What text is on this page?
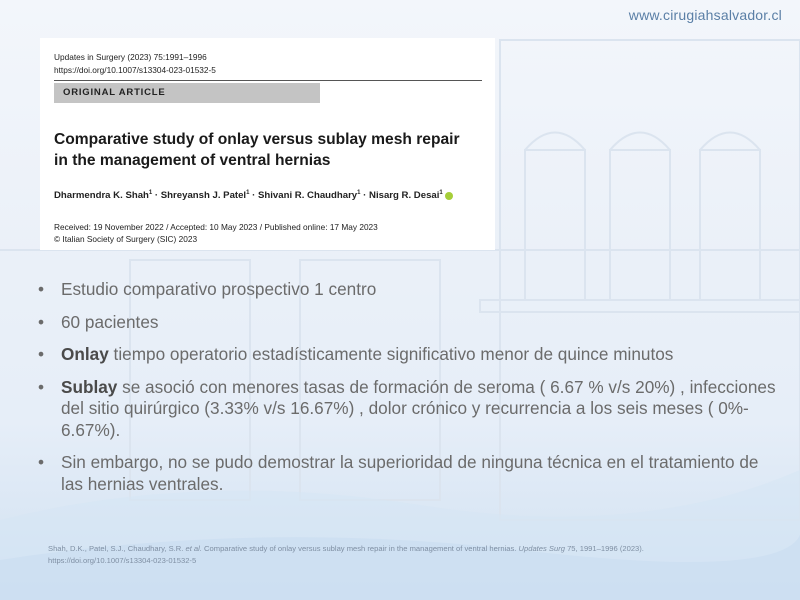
www.cirugiahsalvador.cl
Updates in Surgery (2023) 75:1991–1996
https://doi.org/10.1007/s13304-023-01532-5
ORIGINAL ARTICLE
Comparative study of onlay versus sublay mesh repair
in the management of ventral hernias
Dharmendra K. Shah$^1$ · Shreyansh J. Patel$^1$ · Shivani R. Chaudhary$^1$ · Nisarg R. Desai$^1$
Received: 19 November 2022 / Accepted: 10 May 2023 / Published online: 17 May 2023
© Italian Society of Surgery (SIC) 2023
• Estudio comparativo prospectivo 1 centro
• 60 pacientes
• Onlay tiempo operatorio estadísticamente significativo menor de quince minutos
• Sublay se asoció con menores tasas de formación de seroma ( 6.67 % v/s 20%) , infecciones del sitio quirúrgico (3.33% v/s 16.67%) , dolor crónico y recurrencia a los seis meses ( 0%- 6.67%).
• Sin embargo, no se pudo demostrar la superioridad de ninguna técnica en el tratamiento de las hernias ventrales.
Shah, D.K., Patel, S.J., Chaudhary, S.R. et al. Comparative study of onlay versus sublay mesh repair in the management of ventral hernias. Updates Surg 75, 1991–1996 (2023).
https://doi.org/10.1007/s13304-023-01532-5
